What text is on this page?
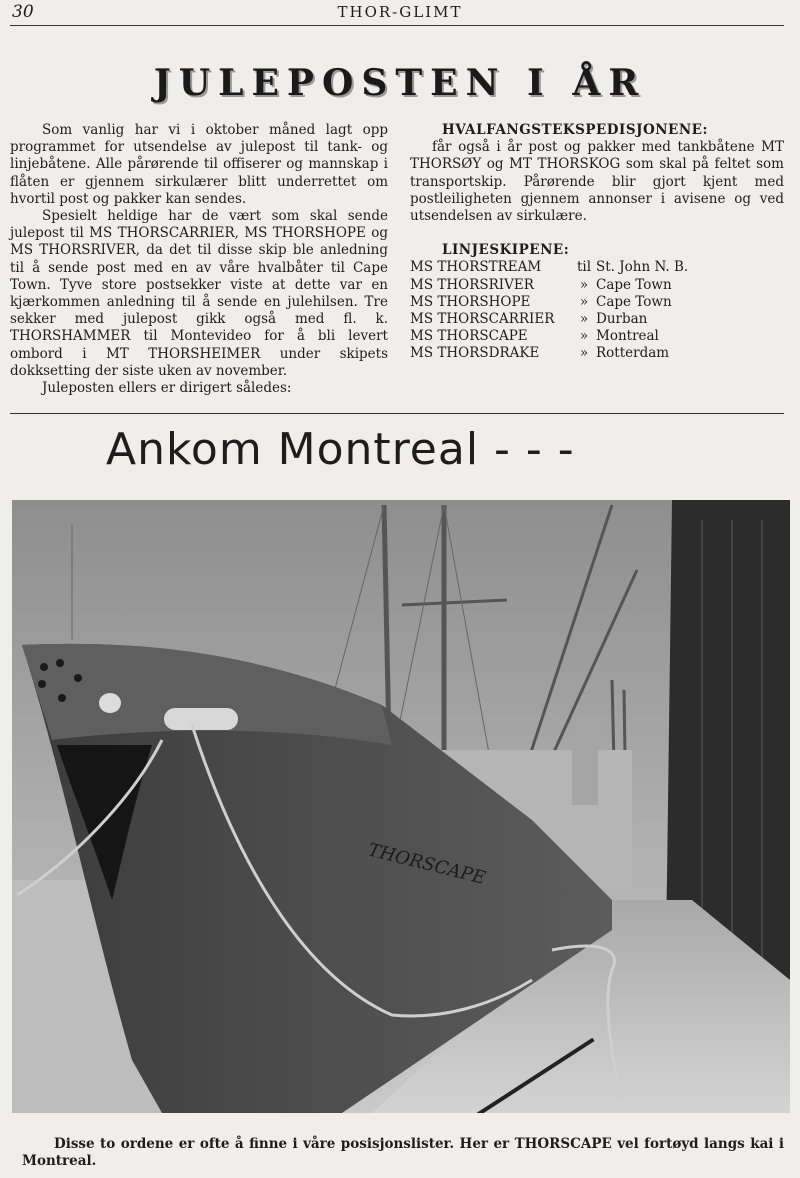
30	THOR-GLIMT
JULEPOSTEN I ÅR

Som vanlig har vi i oktober måned lagt opp programmet for utsendelse av julepost til tank- og linjebåtene. Alle pårørende til offiserer og mannskap i flåten er gjennem sirkulærer blitt underrettet om hvortil post og pakker kan sendes.

Spesielt heldige har de vært som skal sende julepost til MS THORSCARRIER, MS THORSHOPE og MS THORSRIVER, da det til disse skip ble anledning til å sende post med en av våre hvalbåter til Cape Town. Tyve store postsekker viste at dette var en kjærkommen anledning til å sende en julehilsen. Tre sekker med julepost gikk også med fl. k. THORSHAMMER til Montevideo for å bli levert ombord i MT THORSHEIMER under skipets dokksetting der siste uken av november.

Juleposten ellers er dirigert således:

HVALFANGSTEKSPEDISJONENE:

får også i år post og pakker med tankbåtene MT THORSØY og MT THORSKOG som skal på feltet som transportskip. Pårørende blir gjort kjent med postleiligheten gjennem annonser i avisene og ved utsendelsen av sirkulære.

LINJESKIPENE:

MS THORSTREAM	til	St. John N. B.
MS THORSRIVER	»	Cape Town
MS THORSHOPE	»	Cape Town
MS THORSCARRIER	»	Durban
MS THORSCAPE	»	Montreal
MS THORSDRAKE	»	Rotterdam
Ankom Montreal - - -
THORSCAPE
Disse to ordene er ofte å finne i våre posisjonslister. Her er THORSCAPE vel fortøyd langs kai i Montreal.
